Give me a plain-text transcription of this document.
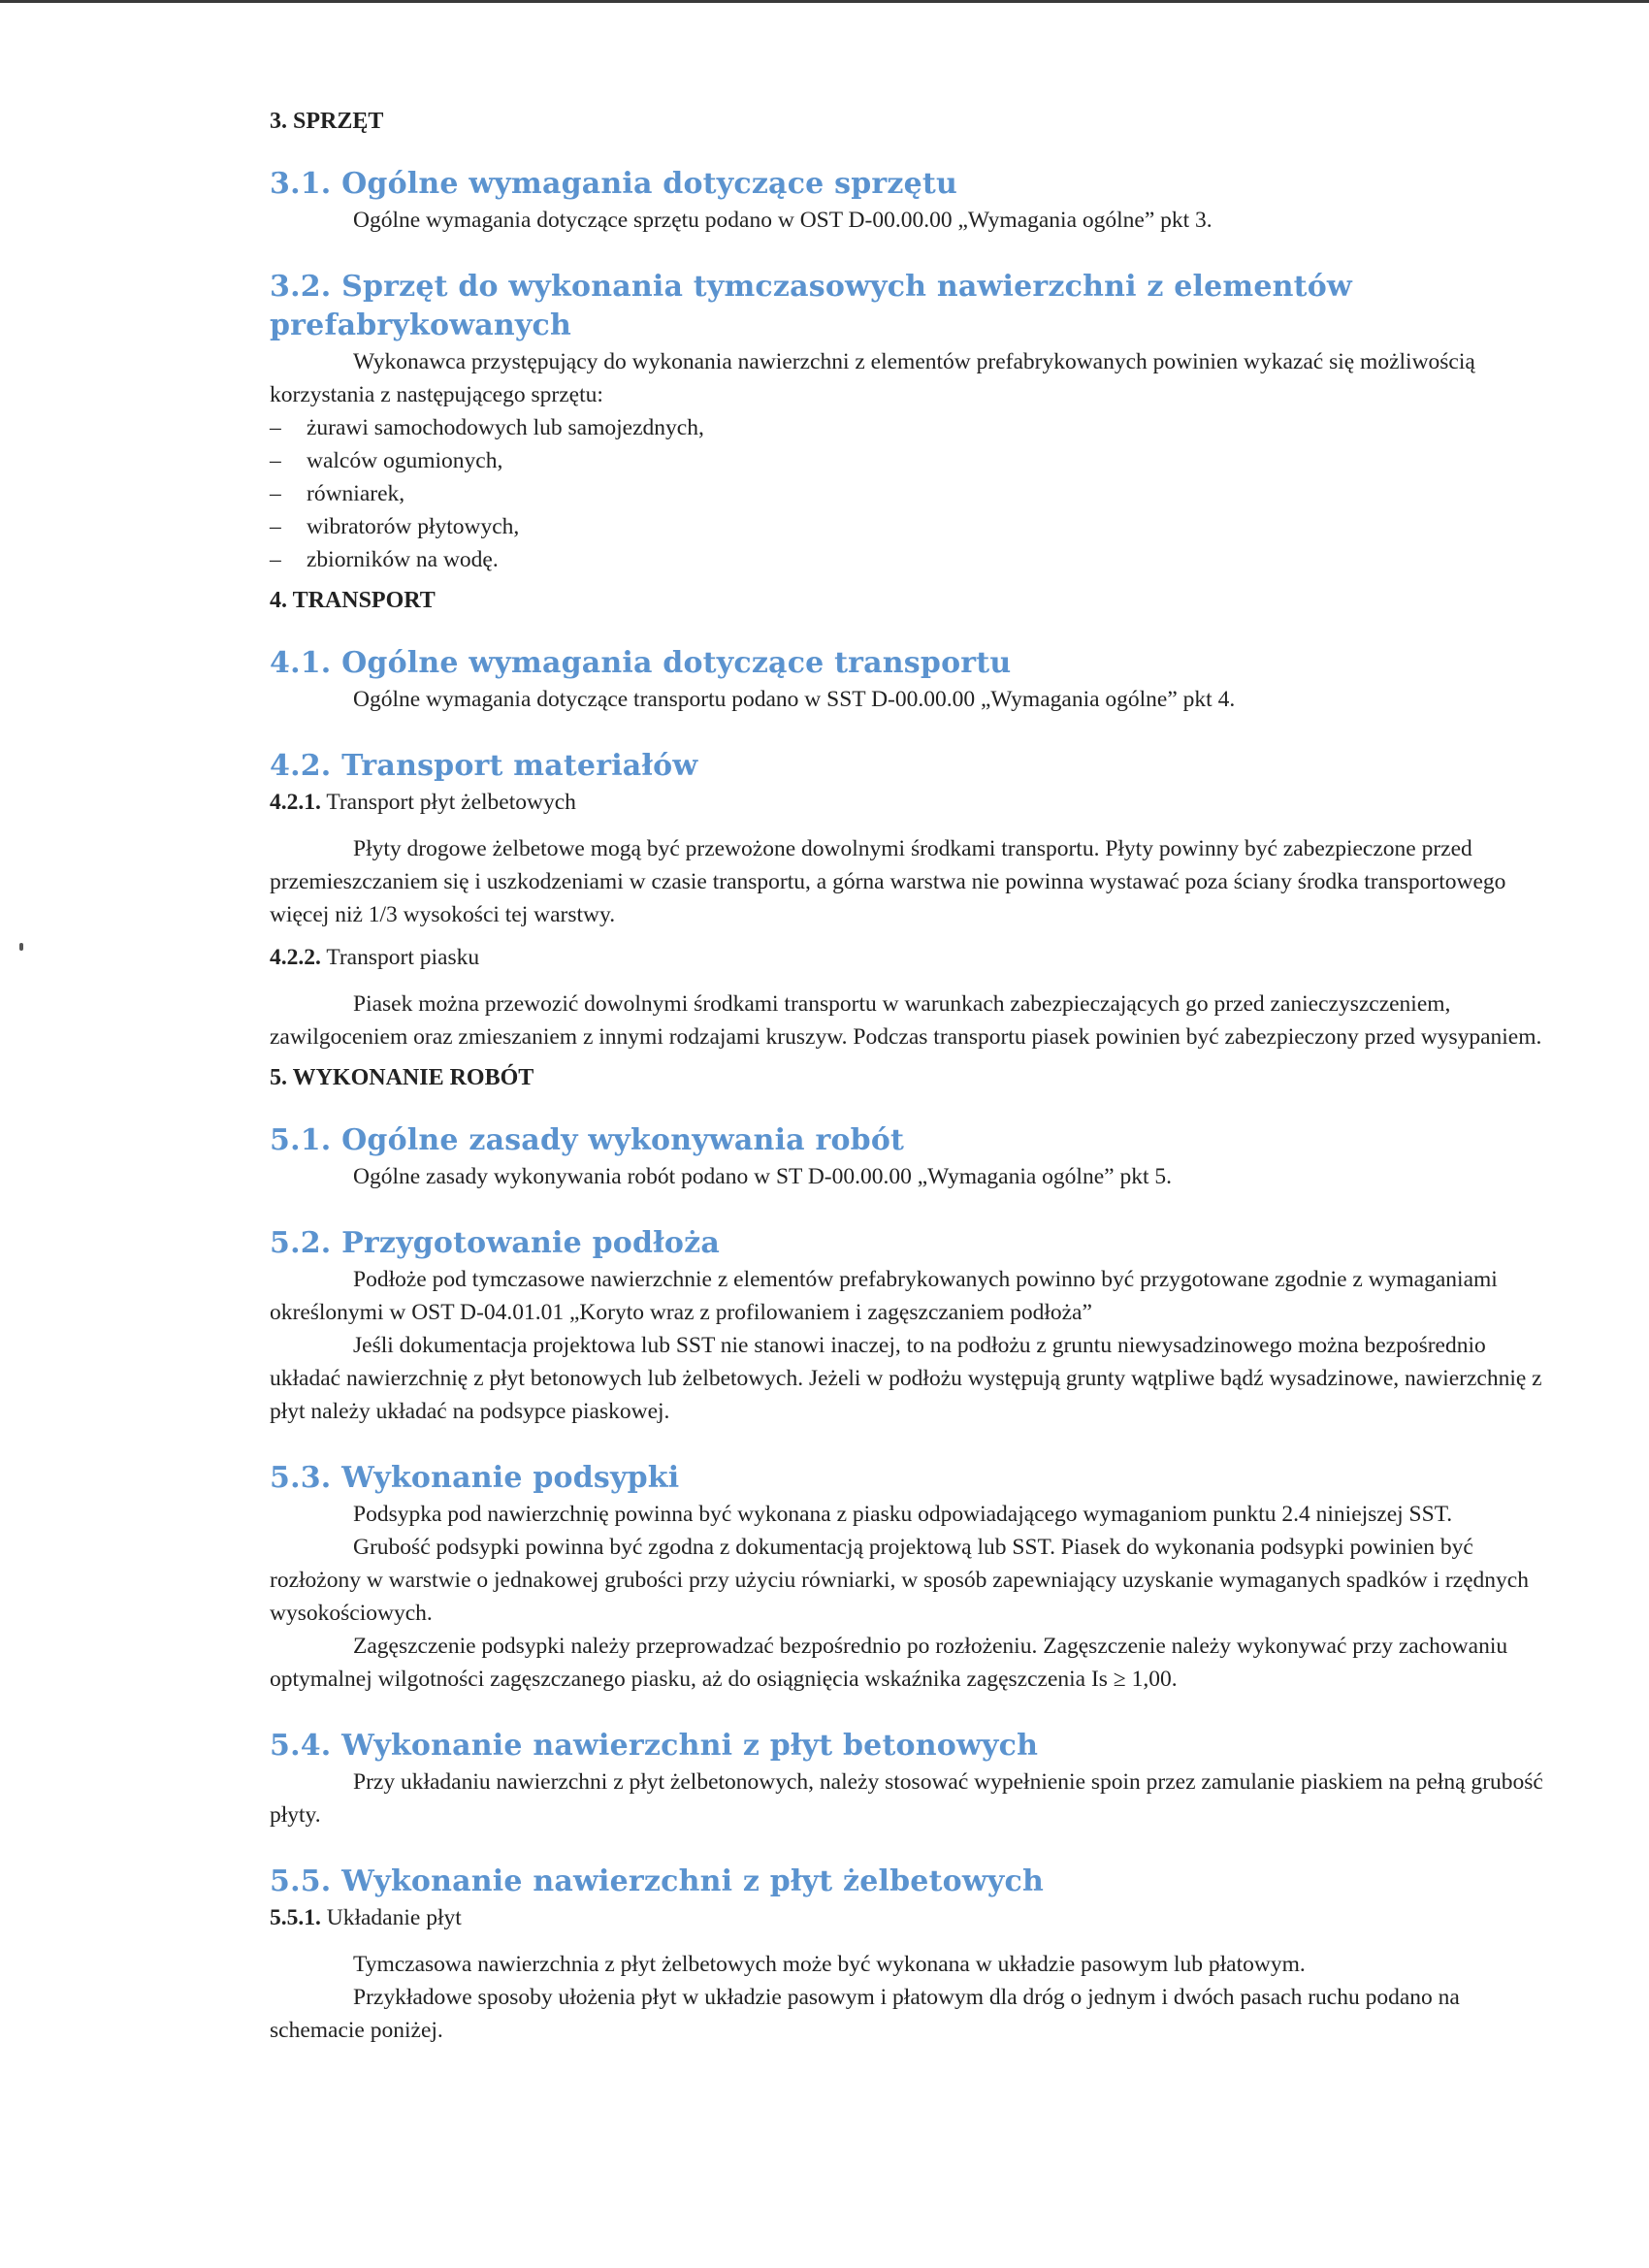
3. SPRZĘT
3.1. Ogólne wymagania dotyczące sprzętu

Ogólne wymagania dotyczące sprzętu podano w OST D-00.00.00 „Wymagania ogólne” pkt 3.

3.2. Sprzęt do wykonania tymczasowych nawierzchni z elementów prefabrykowanych

Wykonawca przystępujący do wykonania nawierzchni z elementów prefabrykowanych powinien wykazać się możliwością korzystania z następującego sprzętu:

– żurawi samochodowych lub samojezdnych,
– walców ogumionych,
– równiarek,
– wibratorów płytowych,
– zbiorników na wodę.
4. TRANSPORT
4.1. Ogólne wymagania dotyczące transportu

Ogólne wymagania dotyczące transportu podano w SST D-00.00.00 „Wymagania ogólne” pkt 4.

4.2. Transport materiałów
4.2.1. Transport płyt żelbetowych

Płyty drogowe żelbetowe mogą być przewożone dowolnymi środkami transportu. Płyty powinny być zabezpieczone przed przemieszczaniem się i uszkodzeniami w czasie transportu, a górna warstwa nie powinna wystawać poza ściany środka transportowego więcej niż 1/3 wysokości tej warstwy.

4.2.2. Transport piasku

Piasek można przewozić dowolnymi środkami transportu w warunkach zabezpieczających go przed zanieczyszczeniem, zawilgoceniem oraz zmieszaniem z innymi rodzajami kruszyw. Podczas transportu piasek powinien być zabezpieczony przed wysypaniem.

5. WYKONANIE ROBÓT
5.1. Ogólne zasady wykonywania robót

Ogólne zasady wykonywania robót podano w ST D-00.00.00 „Wymagania ogólne” pkt 5.

5.2. Przygotowanie podłoża

Podłoże pod tymczasowe nawierzchnie z elementów prefabrykowanych powinno być przygotowane zgodnie z wymaganiami określonymi w OST D-04.01.01 „Koryto wraz z profilowaniem i zagęszczaniem podłoża”

Jeśli dokumentacja projektowa lub SST nie stanowi inaczej, to na podłożu z gruntu niewysadzinowego można bezpośrednio układać nawierzchnię z płyt betonowych lub żelbetowych. Jeżeli w podłożu występują grunty wątpliwe bądź wysadzinowe, nawierzchnię z płyt należy układać na podsypce piaskowej.

5.3. Wykonanie podsypki

Podsypka pod nawierzchnię powinna być wykonana z piasku odpowiadającego wymaganiom punktu 2.4 niniejszej SST.

Grubość podsypki powinna być zgodna z dokumentacją projektową lub SST. Piasek do wykonania podsypki powinien być rozłożony w warstwie o jednakowej grubości przy użyciu równiarki, w sposób zapewniający uzyskanie wymaganych spadków i rzędnych wysokościowych.

Zagęszczenie podsypki należy przeprowadzać bezpośrednio po rozłożeniu. Zagęszczenie należy wykonywać przy zachowaniu optymalnej wilgotności zagęszczanego piasku, aż do osiągnięcia wskaźnika zagęszczenia Is ≥ 1,00.

5.4. Wykonanie nawierzchni z płyt betonowych

Przy układaniu nawierzchni z płyt żelbetonowych, należy stosować wypełnienie spoin przez zamulanie piaskiem na pełną grubość płyty.

5.5. Wykonanie nawierzchni z płyt żelbetowych
5.5.1. Układanie płyt

Tymczasowa nawierzchnia z płyt żelbetowych może być wykonana w układzie pasowym lub płatowym.

Przykładowe sposoby ułożenia płyt w układzie pasowym i płatowym dla dróg o jednym i dwóch pasach ruchu podano na schemacie poniżej.
